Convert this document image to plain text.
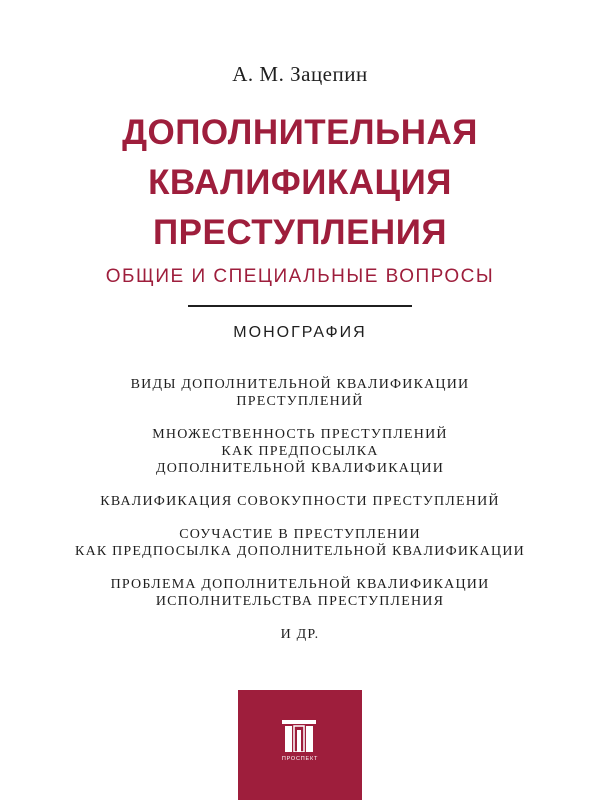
А. М. Зацепин
ДОПОЛНИТЕЛЬНАЯ
КВАЛИФИКАЦИЯ
ПРЕСТУПЛЕНИЯ
ОБЩИЕ И СПЕЦИАЛЬНЫЕ ВОПРОСЫ
МОНОГРАФИЯ
ВИДЫ ДОПОЛНИТЕЛЬНОЙ КВАЛИФИКАЦИИ
ПРЕСТУПЛЕНИЙ
МНОЖЕСТВЕННОСТЬ ПРЕСТУПЛЕНИЙ
КАК ПРЕДПОСЫЛКА
ДОПОЛНИТЕЛЬНОЙ КВАЛИФИКАЦИИ
КВАЛИФИКАЦИЯ СОВОКУПНОСТИ ПРЕСТУПЛЕНИЙ
СОУЧАСТИЕ В ПРЕСТУПЛЕНИИ
КАК ПРЕДПОСЫЛКА ДОПОЛНИТЕЛЬНОЙ КВАЛИФИКАЦИИ
ПРОБЛЕМА ДОПОЛНИТЕЛЬНОЙ КВАЛИФИКАЦИИ
ИСПОЛНИТЕЛЬСТВА ПРЕСТУПЛЕНИЯ
И ДР.
ПРОСПЕКТ
